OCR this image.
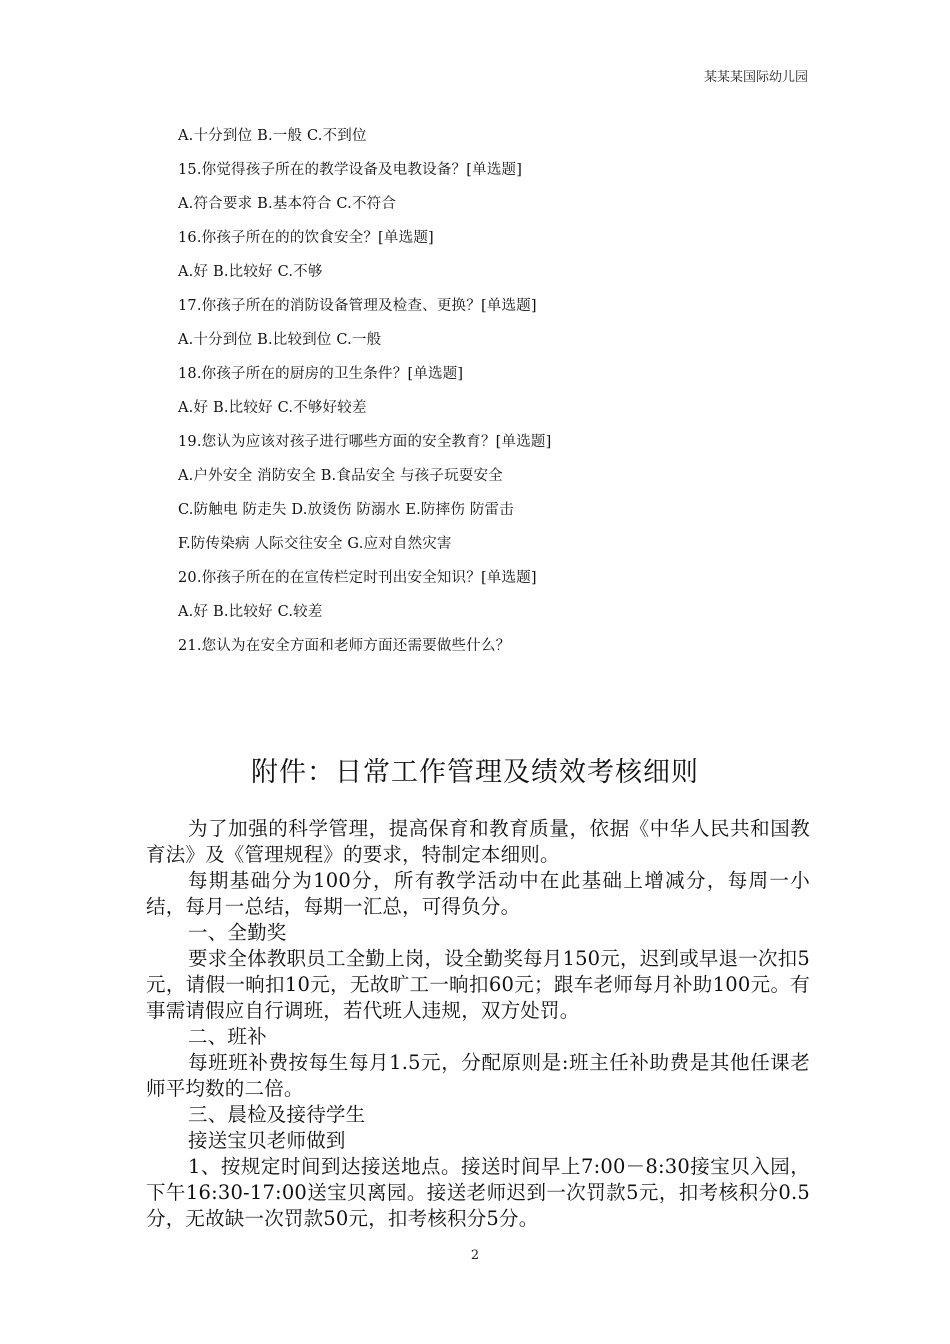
某某某国际幼儿园
A.十分到位 B.一般 C.不到位
15.你觉得孩子所在的教学设备及电教设备？[单选题]
A.符合要求 B.基本符合 C.不符合
16.你孩子所在的的饮食安全？[单选题]
A.好 B.比较好 C.不够
17.你孩子所在的消防设备管理及检查、更换？[单选题]
A.十分到位 B.比较到位 C.一般
18.你孩子所在的厨房的卫生条件？[单选题]
A.好 B.比较好 C.不够好较差
19.您认为应该对孩子进行哪些方面的安全教育？[单选题]
A.户外安全 消防安全 B.食品安全 与孩子玩耍安全
C.防触电 防走失 D.放烫伤 防溺水 E.防摔伤 防雷击
F.防传染病 人际交往安全 G.应对自然灾害
20.你孩子所在的在宣传栏定时刊出安全知识？[单选题]
A.好 B.比较好 C.较差
21.您认为在安全方面和老师方面还需要做些什么？
附件：日常工作管理及绩效考核细则

为了加强的科学管理，提高保育和教育质量，依据《中华人民共和国教育法》及《管理规程》的要求，特制定本细则。

每期基础分为100分，所有教学活动中在此基础上增减分，每周一小结，每月一总结，每期一汇总，可得负分。

一、全勤奖

要求全体教职员工全勤上岗，设全勤奖每月150元，迟到或早退一次扣5元，请假一晌扣10元，无故旷工一晌扣60元；跟车老师每月补助100元。有事需请假应自行调班，若代班人违规，双方处罚。

二、班补

每班班补费按每生每月1.5元，分配原则是:班主任补助费是其他任课老师平均数的二倍。

三、晨检及接待学生

接送宝贝老师做到

1、按规定时间到达接送地点。接送时间早上7:00－8:30接宝贝入园，下午16:30-17:00送宝贝离园。接送老师迟到一次罚款5元，扣考核积分0.5分，无故缺一次罚款50元，扣考核积分5分。

2
